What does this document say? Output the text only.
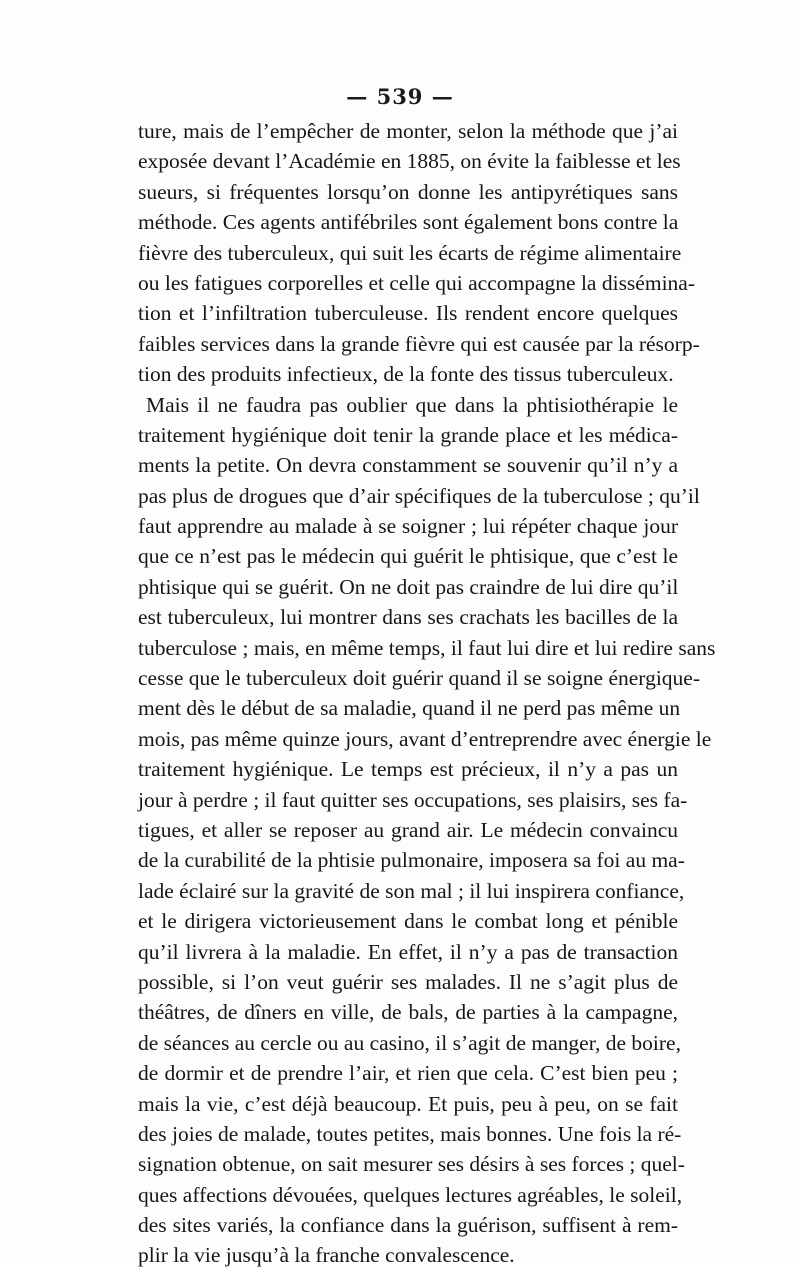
— 539 —
ture, mais de l’empêcher de monter, selon la méthode que j’ai
exposée devant l’Académie en 1885, on évite la faiblesse et les
sueurs, si fréquentes lorsqu’on donne les antipyrétiques sans
méthode. Ces agents antifébriles sont également bons contre la
fièvre des tuberculeux, qui suit les écarts de régime alimentaire
ou les fatigues corporelles et celle qui accompagne la dissémina-
tion et l’infiltration tuberculeuse. Ils rendent encore quelques
faibles services dans la grande fièvre qui est causée par la résorp-
tion des produits infectieux, de la fonte des tissus tuberculeux.
Mais il ne faudra pas oublier que dans la phtisiothérapie le
traitement hygiénique doit tenir la grande place et les médica-
ments la petite. On devra constamment se souvenir qu’il n’y a
pas plus de drogues que d’air spécifiques de la tuberculose ; qu’il
faut apprendre au malade à se soigner ; lui répéter chaque jour
que ce n’est pas le médecin qui guérit le phtisique, que c’est le
phtisique qui se guérit. On ne doit pas craindre de lui dire qu’il
est tuberculeux, lui montrer dans ses crachats les bacilles de la
tuberculose ; mais, en même temps, il faut lui dire et lui redire sans
cesse que le tuberculeux doit guérir quand il se soigne énergique-
ment dès le début de sa maladie, quand il ne perd pas même un
mois, pas même quinze jours, avant d’entreprendre avec énergie le
traitement hygiénique. Le temps est précieux, il n’y a pas un
jour à perdre ; il faut quitter ses occupations, ses plaisirs, ses fa-
tigues, et aller se reposer au grand air. Le médecin convaincu
de la curabilité de la phtisie pulmonaire, imposera sa foi au ma-
lade éclairé sur la gravité de son mal ; il lui inspirera confiance,
et le dirigera victorieusement dans le combat long et pénible
qu’il livrera à la maladie. En effet, il n’y a pas de transaction
possible, si l’on veut guérir ses malades. Il ne s’agit plus de
théâtres, de dîners en ville, de bals, de parties à la campagne,
de séances au cercle ou au casino, il s’agit de manger, de boire,
de dormir et de prendre l’air, et rien que cela. C’est bien peu ;
mais la vie, c’est déjà beaucoup. Et puis, peu à peu, on se fait
des joies de malade, toutes petites, mais bonnes. Une fois la ré-
signation obtenue, on sait mesurer ses désirs à ses forces ; quel-
ques affections dévouées, quelques lectures agréables, le soleil,
des sites variés, la confiance dans la guérison, suffisent à rem-
plir la vie jusqu’à la franche convalescence.
